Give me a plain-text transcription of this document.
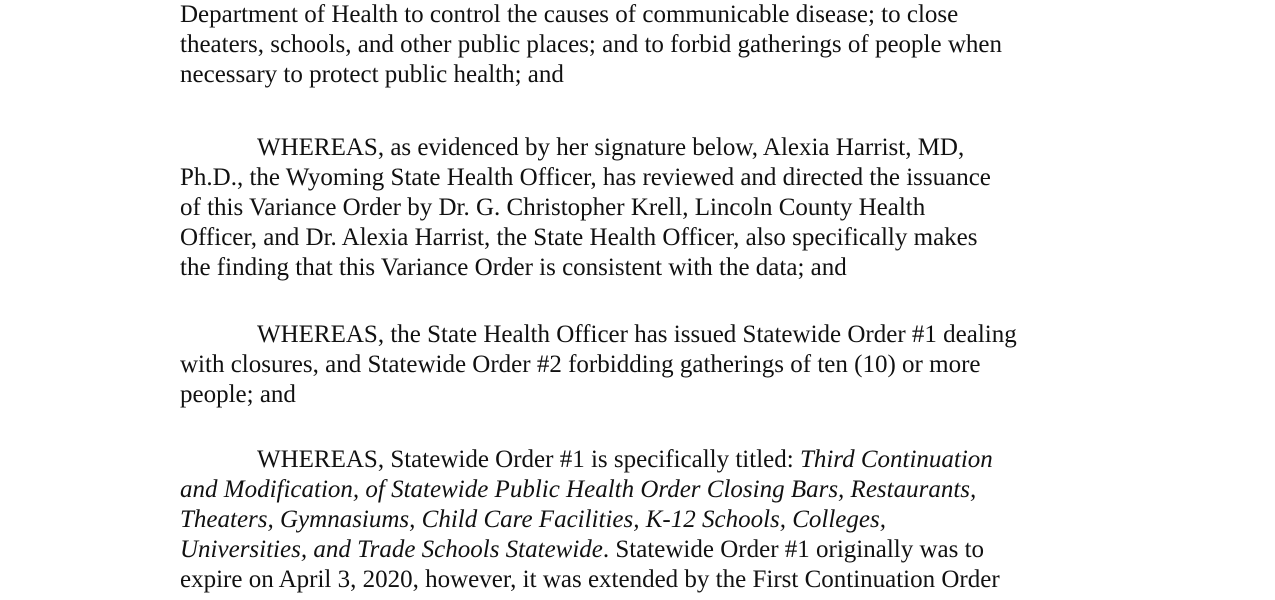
Department of Health to control the causes of communicable disease; to close
theaters, schools, and other public places; and to forbid gatherings of people when
necessary to protect public health; and
WHEREAS, as evidenced by her signature below, Alexia Harrist, MD,
Ph.D., the Wyoming State Health Officer, has reviewed and directed the issuance
of this Variance Order by Dr. G. Christopher Krell, Lincoln County Health
Officer, and Dr. Alexia Harrist, the State Health Officer, also specifically makes
the finding that this Variance Order is consistent with the data; and
WHEREAS, the State Health Officer has issued Statewide Order #1 dealing
with closures, and Statewide Order #2 forbidding gatherings of ten (10) or more
people; and
WHEREAS, Statewide Order #1 is specifically titled: Third Continuation
and Modification, of Statewide Public Health Order Closing Bars, Restaurants,
Theaters, Gymnasiums, Child Care Facilities, K-12 Schools, Colleges,
Universities, and Trade Schools Statewide. Statewide Order #1 originally was to
expire on April 3, 2020, however, it was extended by the First Continuation Order
